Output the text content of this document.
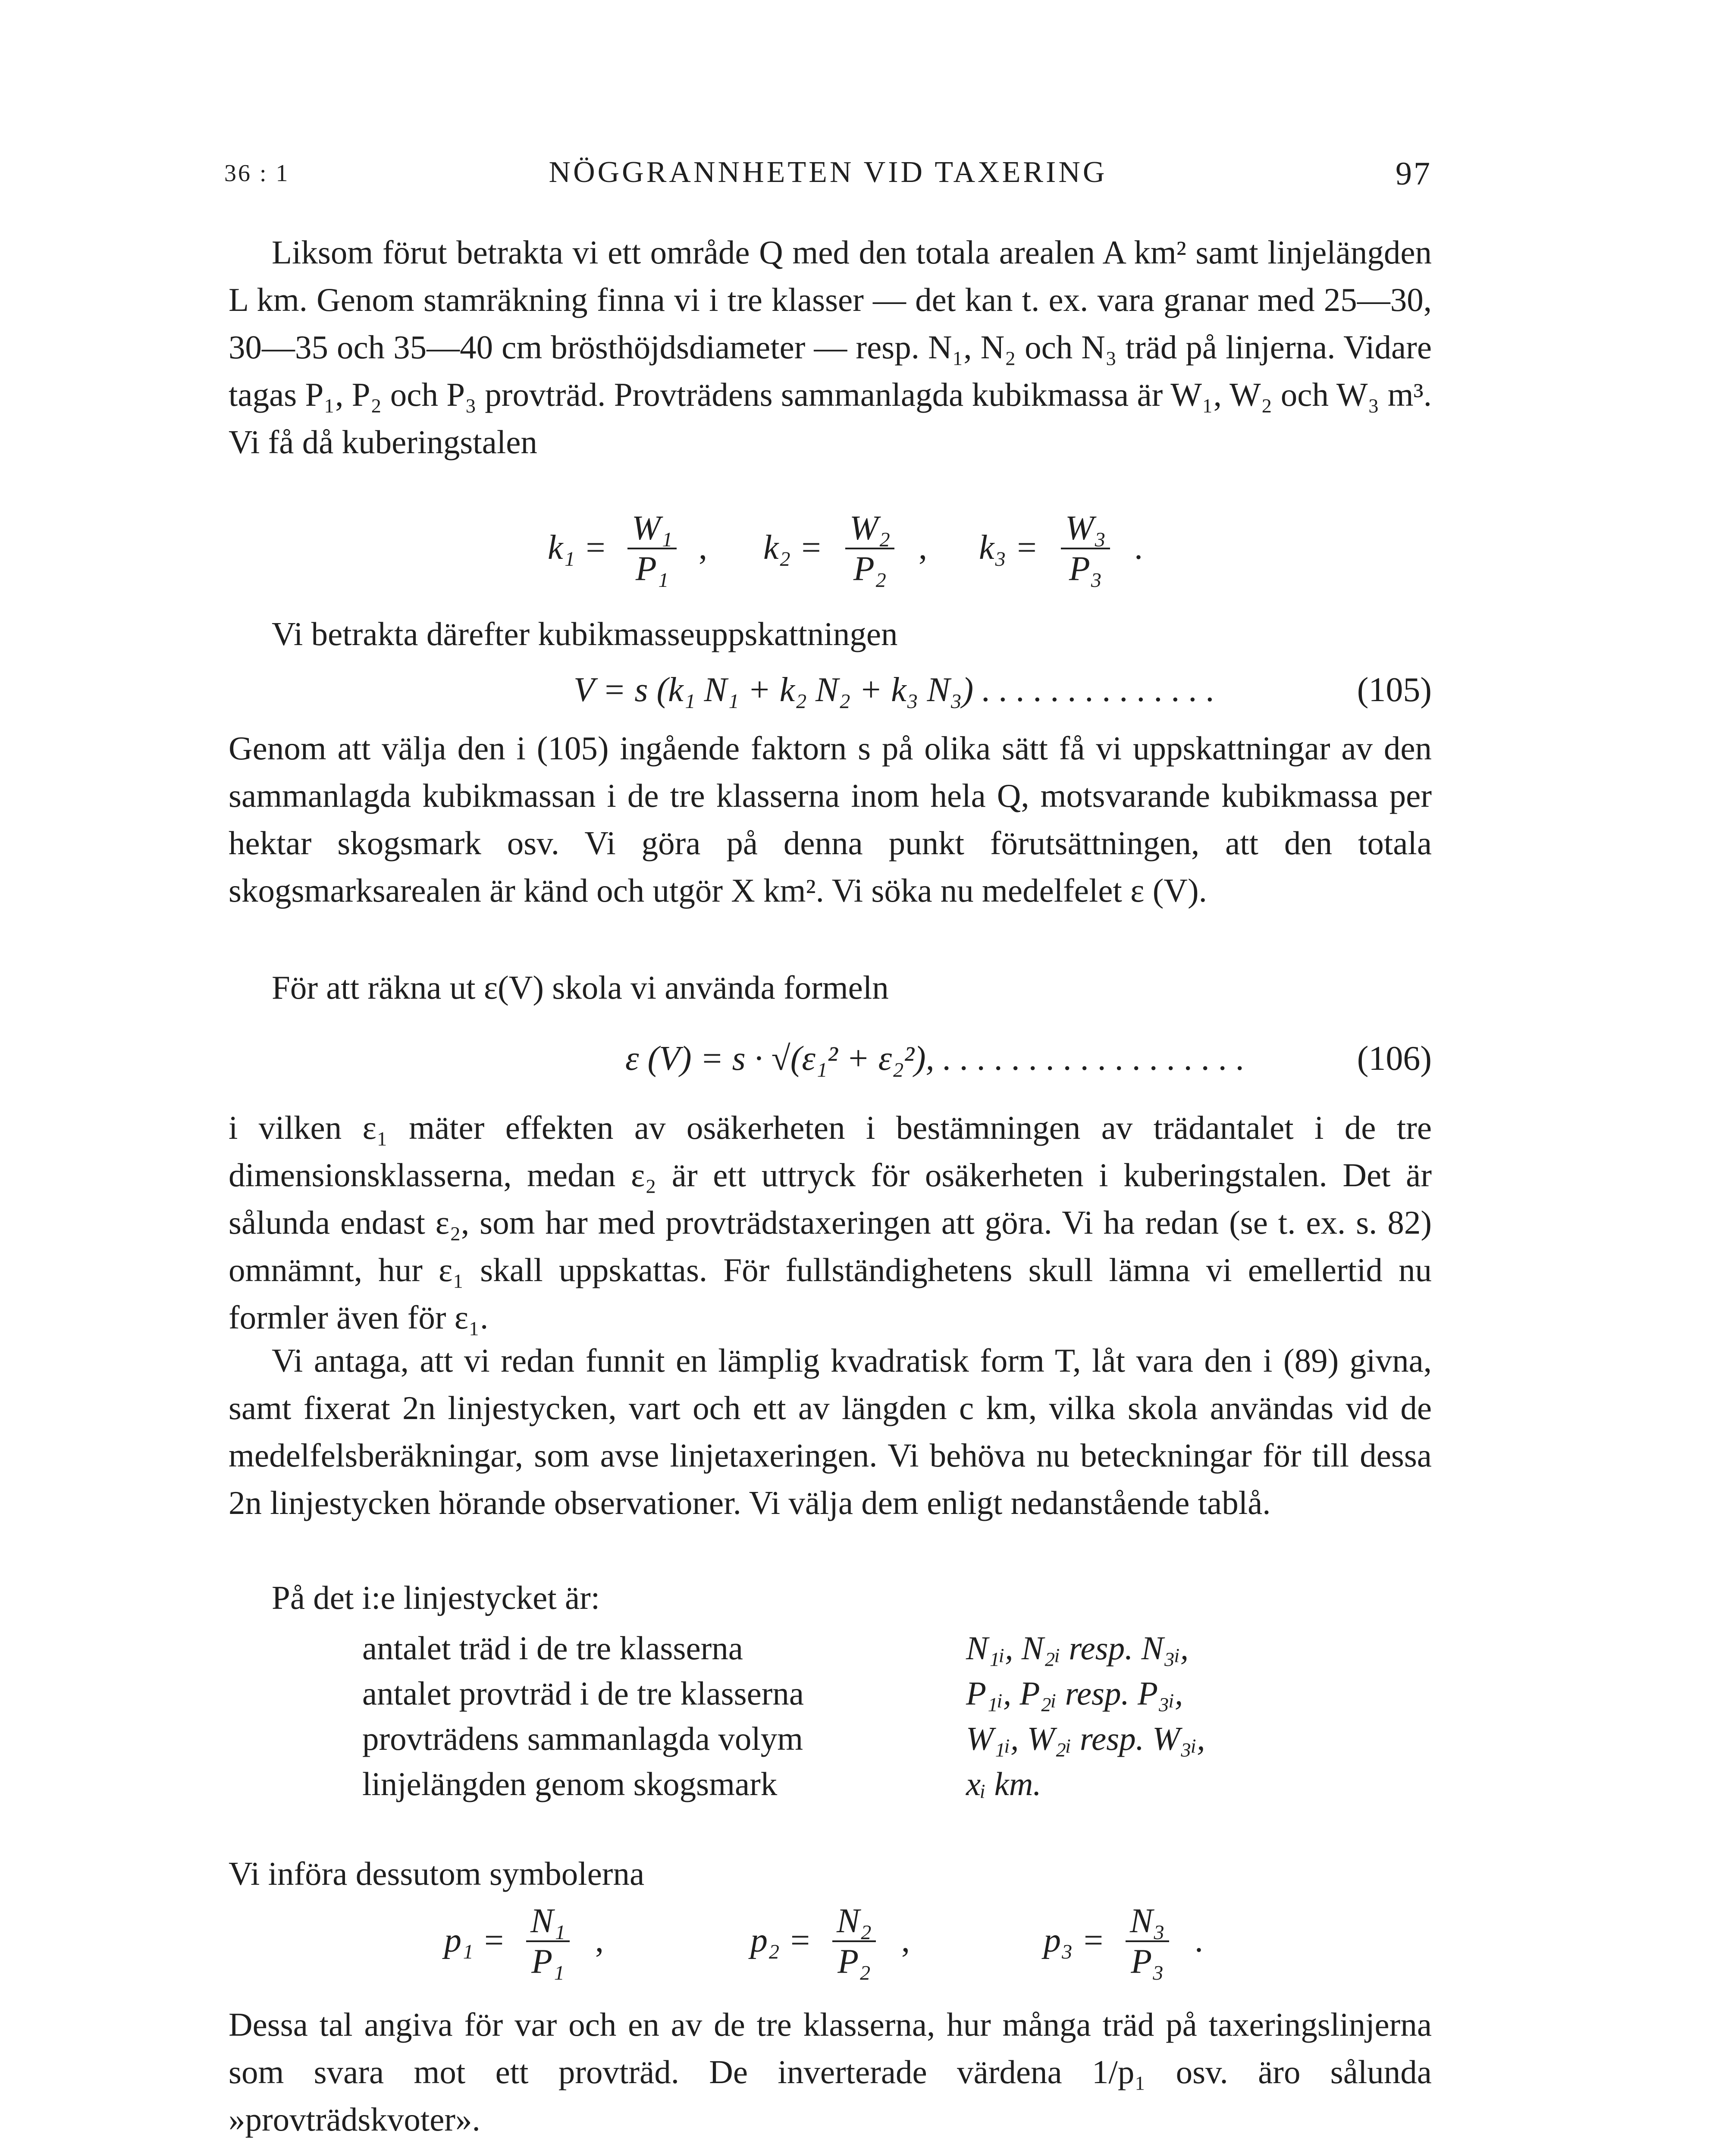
36 : 1	NÖGGRANNHETEN VID TAXERING	97
Liksom förut betrakta vi ett område Q med den totala arealen A km² samt linjelängden L km. Genom stamräkning finna vi i tre klasser — det kan t. ex. vara granar med 25—30, 30—35 och 35—40 cm brösthöjdsdiameter — resp. N₁, N₂ och N₃ träd på linjerna. Vidare tagas P₁, P₂ och P₃ provträd. Provträdens sammanlagda kubikmassa är W₁, W₂ och W₃ m³. Vi få då kuberingstalen
$k_1 = \frac{\text{W₁}}{\text{P₁}}$ , $k_2 = \frac{\text{W₂}}{\text{P₂}}$ , $k_3 = \frac{\text{W₃}}{\text{P₃}}$ .
Vi betrakta därefter kubikmasseuppskattningen
V = s (k₁ N₁ + k₂ N₂ + k₃ N₃) . . . . . . . . . . . . . .	(105)
Genom att välja den i (105) ingående faktorn s på olika sätt få vi uppskattningar av den sammanlagda kubikmassan i de tre klasserna inom hela Q, motsvarande kubikmassa per hektar skogsmark osv. Vi göra på denna punkt förutsättningen, att den totala skogsmarksarealen är känd och utgör X km². Vi söka nu medelfelet ε (V).
För att räkna ut ε(V) skola vi använda formeln
ε (V) = s · √(ε₁² + ε₂²), . . . . . . . . . . . . . . . . . .	(106)
i vilken ε₁ mäter effekten av osäkerheten i bestämningen av trädantalet i de tre dimensionsklasserna, medan ε₂ är ett uttryck för osäkerheten i kuberingstalen. Det är sålunda endast ε₂, som har med provträdstaxeringen att göra. Vi ha redan (se t. ex. s. 82) omnämnt, hur ε₁ skall uppskattas. För fullständighetens skull lämna vi emellertid nu formler även för ε₁.
Vi antaga, att vi redan funnit en lämplig kvadratisk form T, låt vara den i (89) givna, samt fixerat 2n linjestycken, vart och ett av längden c km, vilka skola användas vid de medelfelsberäkningar, som avse linjetaxeringen. Vi behöva nu beteckningar för till dessa 2n linjestycken hörande observationer. Vi välja dem enligt nedanstående tablå.
På det i:e linjestycket är:
antalet träd i de tre klasserna	N₁ᵢ, N₂ᵢ resp. N₃ᵢ,
antalet provträd i de tre klasserna	P₁ᵢ, P₂ᵢ resp. P₃ᵢ,
provträdens sammanlagda volym	W₁ᵢ, W₂ᵢ resp. W₃ᵢ,
linjelängden genom skogsmark	xᵢ km.
Vi införa dessutom symbolerna
$p_1 = \frac{\text{N₁}}{\text{P₁}}$ ,	$p_2 = \frac{\text{N₂}}{\text{P₂}}$ ,	$p_3 = \frac{\text{N₃}}{\text{P₃}}$ .
Dessa tal angiva för var och en av de tre klasserna, hur många träd på taxeringslinjerna som svara mot ett provträd. De inverterade värdena 1/p₁ osv. äro sålunda »provträdskvoter».
